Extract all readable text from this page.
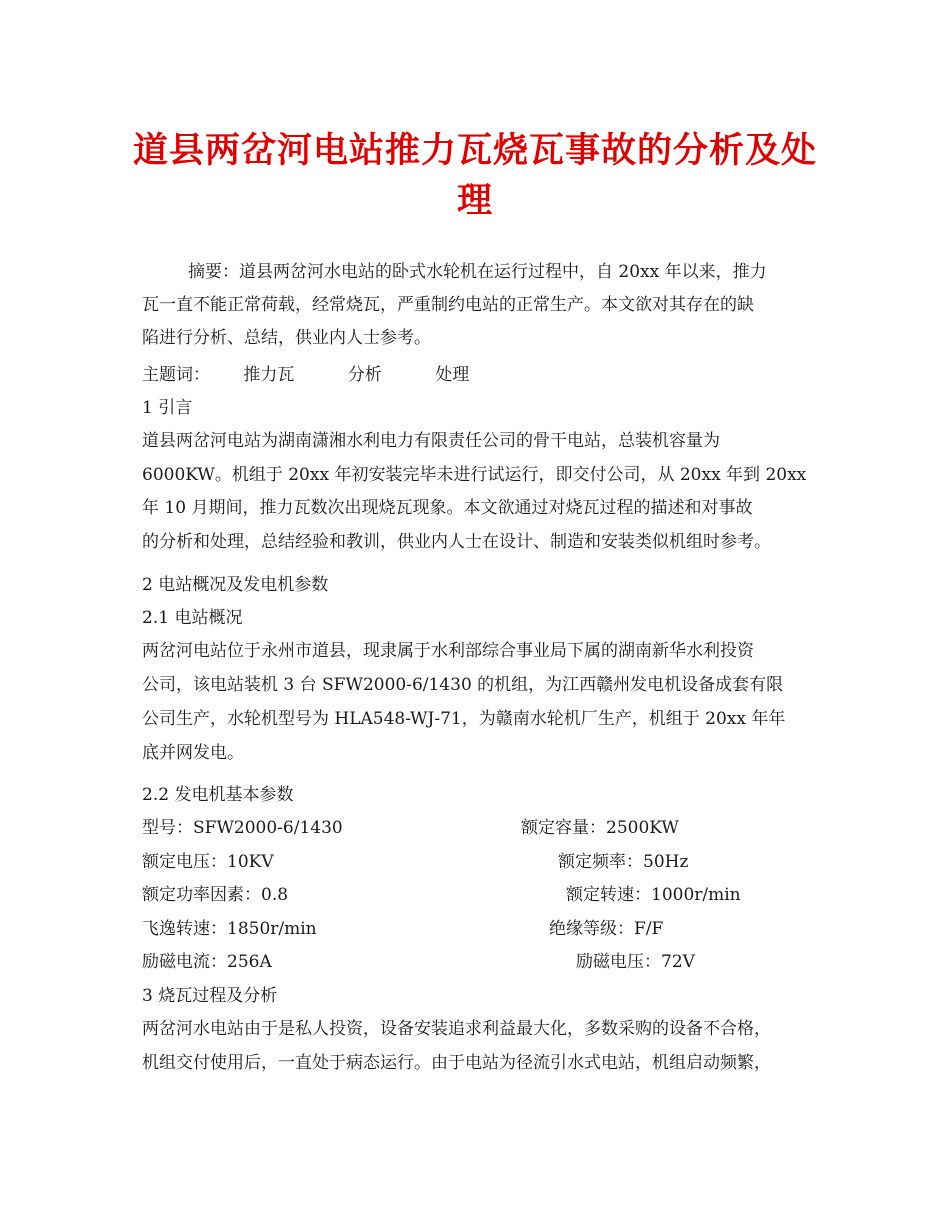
道县两岔河电站推力瓦烧瓦事故的分析及处
理
摘要：道县两岔河水电站的卧式水轮机在运行过程中，自 20xx 年以来，推力
瓦一直不能正常荷载，经常烧瓦，严重制约电站的正常生产。本文欲对其存在的缺
陷进行分析、总结，供业内人士参考。
主题词： 推力瓦	分析	处理
1 引言
道县两岔河电站为湖南潇湘水利电力有限责任公司的骨干电站，总装机容量为
6000KW。机组于 20xx 年初安装完毕未进行试运行，即交付公司，从 20xx 年到 20xx
年 10 月期间，推力瓦数次出现烧瓦现象。本文欲通过对烧瓦过程的描述和对事故
的分析和处理，总结经验和教训，供业内人士在设计、制造和安装类似机组时参考。
2 电站概况及发电机参数
2.1 电站概况
两岔河电站位于永州市道县，现隶属于水利部综合事业局下属的湖南新华水利投资
公司，该电站装机 3 台 SFW2000-6/1430 的机组，为江西赣州发电机设备成套有限
公司生产，水轮机型号为 HLA548-WJ-71，为赣南水轮机厂生产，机组于 20xx 年年
底并网发电。
2.2 发电机基本参数
型号：SFW2000-6/1430	额定容量：2500KW
额定电压：10KV	额定频率：50Hz
额定功率因素：0.8	额定转速：1000r/min
飞逸转速：1850r/min	绝缘等级：F/F
励磁电流：256A	励磁电压：72V
3 烧瓦过程及分析
两岔河水电站由于是私人投资，设备安装追求利益最大化，多数采购的设备不合格，
机组交付使用后，一直处于病态运行。由于电站为径流引水式电站，机组启动频繁，
